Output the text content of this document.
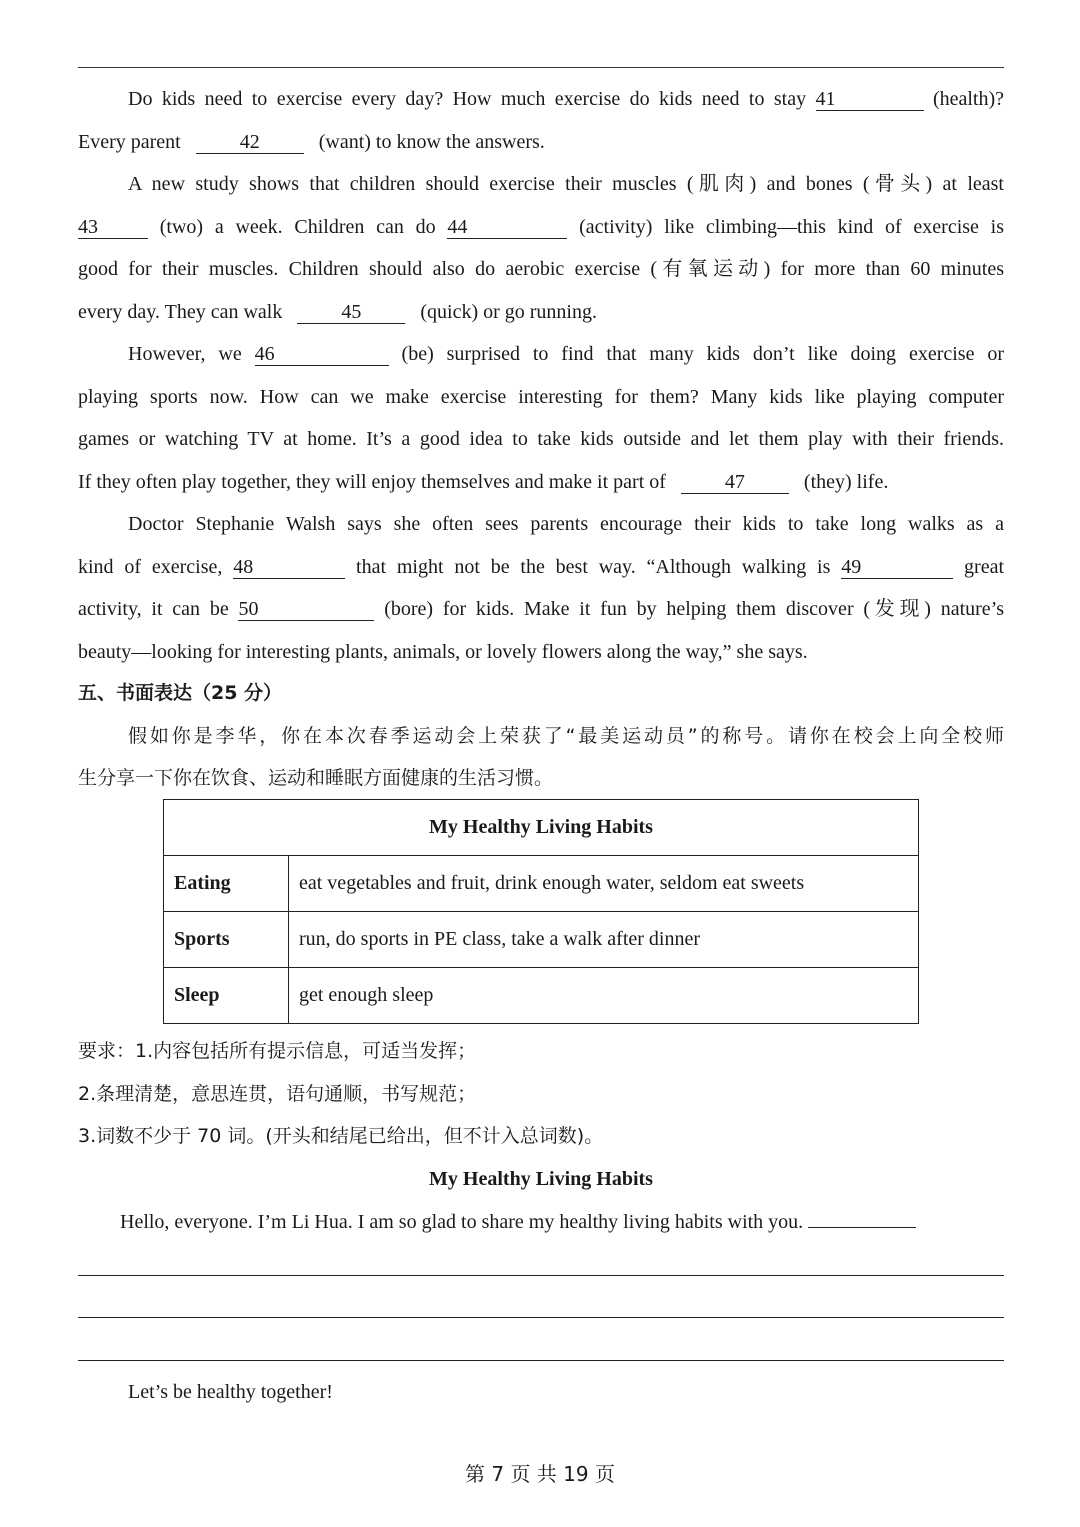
Do kids need to exercise every day? How much exercise do kids need to stay 41	(health)?
Every parent	42	(want) to know the answers.
A new study shows that children should exercise their muscles (肌肉) and bones (骨头) at least
43	(two) a week. Children can do 44	(activity) like climbing—this kind of exercise is
good for their muscles. Children should also do aerobic exercise (有氧运动) for more than 60 minutes
every day. They can walk	45	(quick) or go running.
However, we 46	(be) surprised to find that many kids don’t like doing exercise or
playing sports now. How can we make exercise interesting for them? Many kids like playing computer
games or watching TV at home. It’s a good idea to take kids outside and let them play with their friends.
If they often play together, they will enjoy themselves and make it part of	47	(they) life.
Doctor Stephanie Walsh says she often sees parents encourage their kids to take long walks as a
kind of exercise, 48	that might not be the best way. “Although walking is 49	great
activity, it can be 50	(bore) for kids. Make it fun by helping them discover (发现) nature’s
beauty—looking for interesting plants, animals, or lovely flowers along the way,” she says.
五、书面表达（25 分）
假如你是李华，你在本次春季运动会上荣获了“最美运动员”的称号。请你在校会上向全校师
生分享一下你在饮食、运动和睡眠方面健康的生活习惯。
My Healthy Living Habits	
Eating	eat vegetables and fruit, drink enough water, seldom eat sweets
Sports	run, do sports in PE class, take a walk after dinner
Sleep	get enough sleep
要求：1.内容包括所有提示信息，可适当发挥；
2.条理清楚，意思连贯，语句通顺，书写规范；
3.词数不少于 70 词。(开头和结尾已给出，但不计入总词数)。
My Healthy Living Habits
Hello, everyone. I’m Li Hua. I am so glad to share my healthy living habits with you.
Let’s be healthy together!
第 7 页 共 19 页
